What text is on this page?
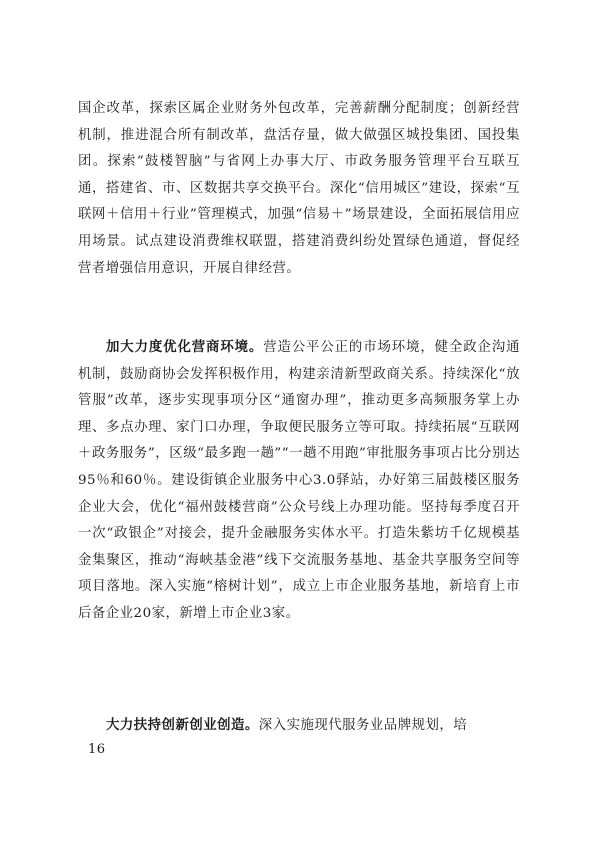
国企改革，探索区属企业财务外包改革，完善薪酬分配制度；创新经营机制，推进混合所有制改革，盘活存量，做大做强区城投集团、国投集团。探索“鼓楼智脑”与省网上办事大厅、市政务服务管理平台互联互通，搭建省、市、区数据共享交换平台。深化“信用城区”建设，探索“互联网＋信用＋行业”管理模式，加强“信易＋”场景建设，全面拓展信用应用场景。试点建设消费维权联盟，搭建消费纠纷处置绿色通道，督促经营者增强信用意识，开展自律经营。

加大力度优化营商环境。营造公平公正的市场环境，健全政企沟通机制，鼓励商协会发挥积极作用，构建亲清新型政商关系。持续深化“放管服”改革，逐步实现事项分区“通窗办理”，推动更多高频服务掌上办理、多点办理、家门口办理，争取便民服务立等可取。持续拓展“互联网＋政务服务”，区级“最多跑一趟”“一趟不用跑”审批服务事项占比分别达95％和60％。建设街镇企业服务中心3.0驿站，办好第三届鼓楼区服务企业大会，优化“福州鼓楼营商”公众号线上办理功能。坚持每季度召开一次“政银企”对接会，提升金融服务实体水平。打造朱紫坊千亿规模基金集聚区，推动“海峡基金港”线下交流服务基地、基金共享服务空间等项目落地。深入实施“榕树计划”，成立上市企业服务基地，新培育上市后备企业20家，新增上市企业3家。

大力扶持创新创业创造。深入实施现代服务业品牌规划，培

16
